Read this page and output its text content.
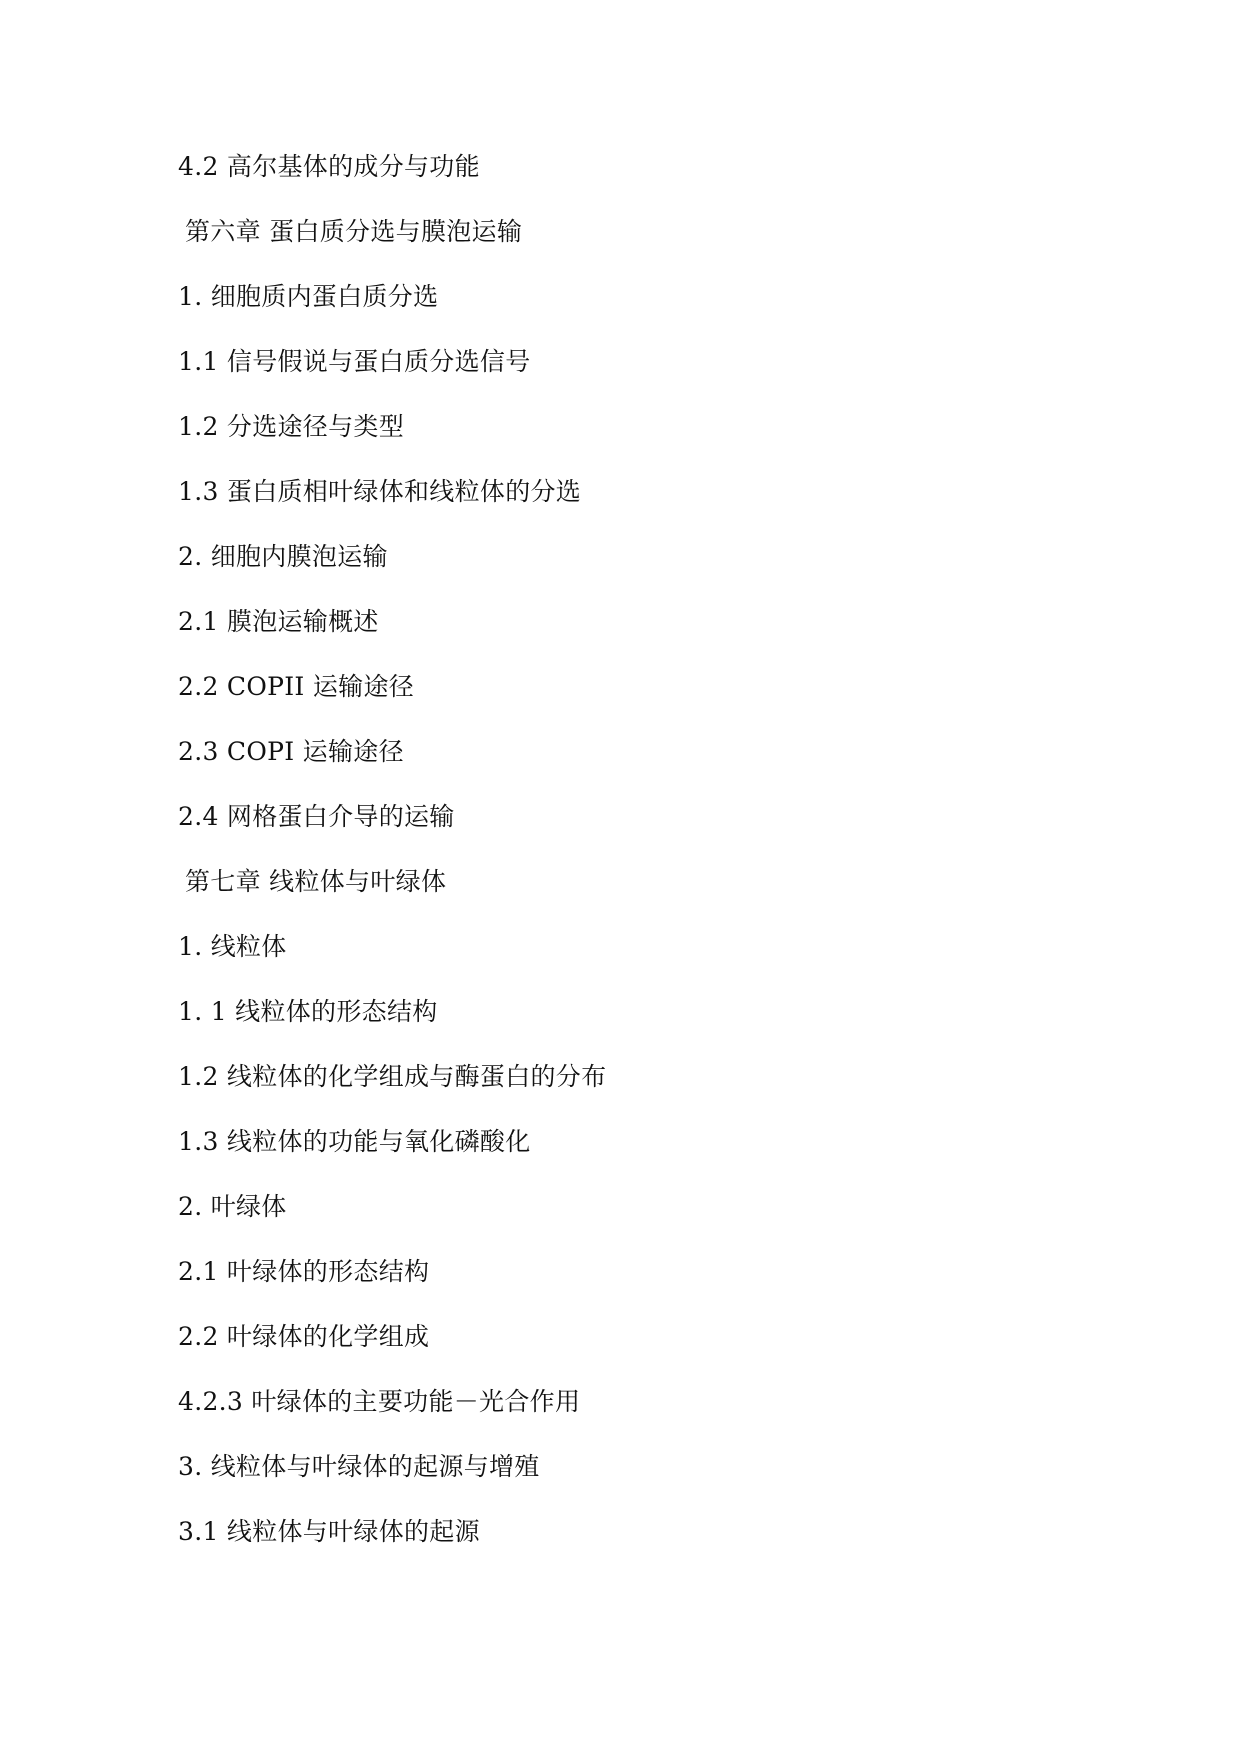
4.2 高尔基体的成分与功能
第六章 蛋白质分选与膜泡运输
1. 细胞质内蛋白质分选
1.1 信号假说与蛋白质分选信号
1.2 分选途径与类型
1.3 蛋白质相叶绿体和线粒体的分选
2. 细胞内膜泡运输
2.1 膜泡运输概述
2.2 COPII 运输途径
2.3 COPI 运输途径
2.4 网格蛋白介导的运输
第七章 线粒体与叶绿体
1. 线粒体
1. 1 线粒体的形态结构
1.2 线粒体的化学组成与酶蛋白的分布
1.3 线粒体的功能与氧化磷酸化
2. 叶绿体
2.1 叶绿体的形态结构
2.2 叶绿体的化学组成
4.2.3 叶绿体的主要功能－光合作用
3. 线粒体与叶绿体的起源与增殖
3.1 线粒体与叶绿体的起源
